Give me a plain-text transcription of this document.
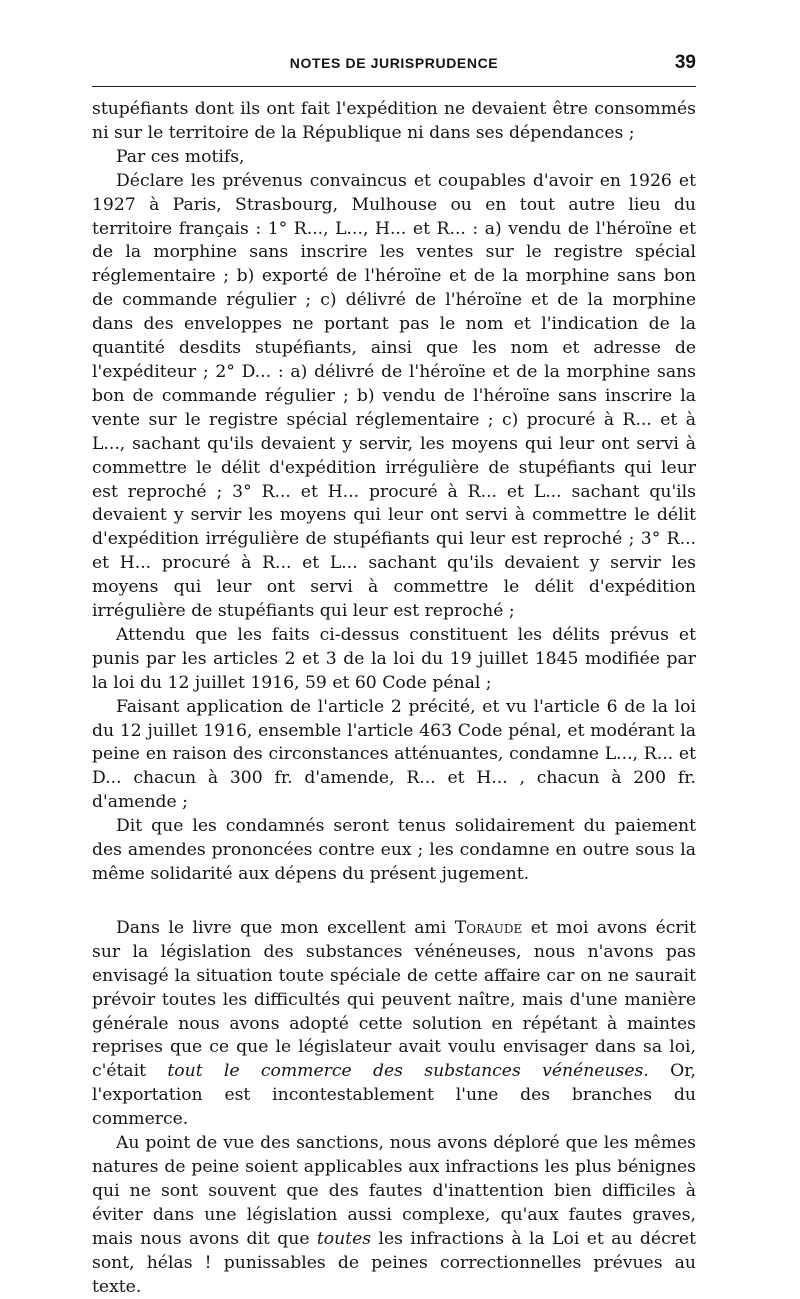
NOTES DE JURISPRUDENCE	39

stupéfiants dont ils ont fait l'expédition ne devaient être consommés ni sur le territoire de la République ni dans ses dépendances ;

Par ces motifs,

Déclare les prévenus convaincus et coupables d'avoir en 1926 et 1927 à Paris, Strasbourg, Mulhouse ou en tout autre lieu du territoire français : 1° R..., L..., H... et R... : a) vendu de l'héroïne et de la morphine sans inscrire les ventes sur le registre spécial réglementaire ; b) exporté de l'héroïne et de la morphine sans bon de commande régulier ; c) délivré de l'héroïne et de la morphine dans des enveloppes ne portant pas le nom et l'indication de la quantité desdits stupéfiants, ainsi que les nom et adresse de l'expéditeur ; 2° D... : a) délivré de l'héroïne et de la morphine sans bon de commande régulier ; b) vendu de l'héroïne sans inscrire la vente sur le registre spécial réglementaire ; c) procuré à R... et à L..., sachant qu'ils devaient y servir, les moyens qui leur ont servi à commettre le délit d'expédition irrégulière de stupéfiants qui leur est reproché ; 3° R... et H... procuré à R... et L... sachant qu'ils devaient y servir les moyens qui leur ont servi à commettre le délit d'expédition irrégulière de stupéfiants qui leur est reproché ; 3° R... et H... procuré à R... et L... sachant qu'ils devaient y servir les moyens qui leur ont servi à commettre le délit d'expédition irrégulière de stupéfiants qui leur est reproché ;

Attendu que les faits ci-dessus constituent les délits prévus et punis par les articles 2 et 3 de la loi du 19 juillet 1845 modifiée par la loi du 12 juillet 1916, 59 et 60 Code pénal ;

Faisant application de l'article 2 précité, et vu l'article 6 de la loi du 12 juillet 1916, ensemble l'article 463 Code pénal, et modérant la peine en raison des circonstances atténuantes, condamne L..., R... et D... chacun à 300 fr. d'amende, R... et H... , chacun à 200 fr. d'amende ;

Dit que les condamnés seront tenus solidairement du paiement des amendes prononcées contre eux ; les condamne en outre sous la même solidarité aux dépens du présent jugement.

Dans le livre que mon excellent ami Toraude et moi avons écrit sur la législation des substances vénéneuses, nous n'avons pas envisagé la situation toute spéciale de cette affaire car on ne saurait prévoir toutes les difficultés qui peuvent naître, mais d'une manière générale nous avons adopté cette solution en répétant à maintes reprises que ce que le législateur avait voulu envisager dans sa loi, c'était tout le commerce des substances vénéneuses. Or, l'exportation est incontestablement l'une des branches du commerce.

Au point de vue des sanctions, nous avons déploré que les mêmes natures de peine soient applicables aux infractions les plus bénignes qui ne sont souvent que des fautes d'inattention bien difficiles à éviter dans une législation aussi complexe, qu'aux fautes graves, mais nous avons dit que toutes les infractions à la Loi et au décret sont, hélas ! punissables de peines correctionnelles prévues au texte.
